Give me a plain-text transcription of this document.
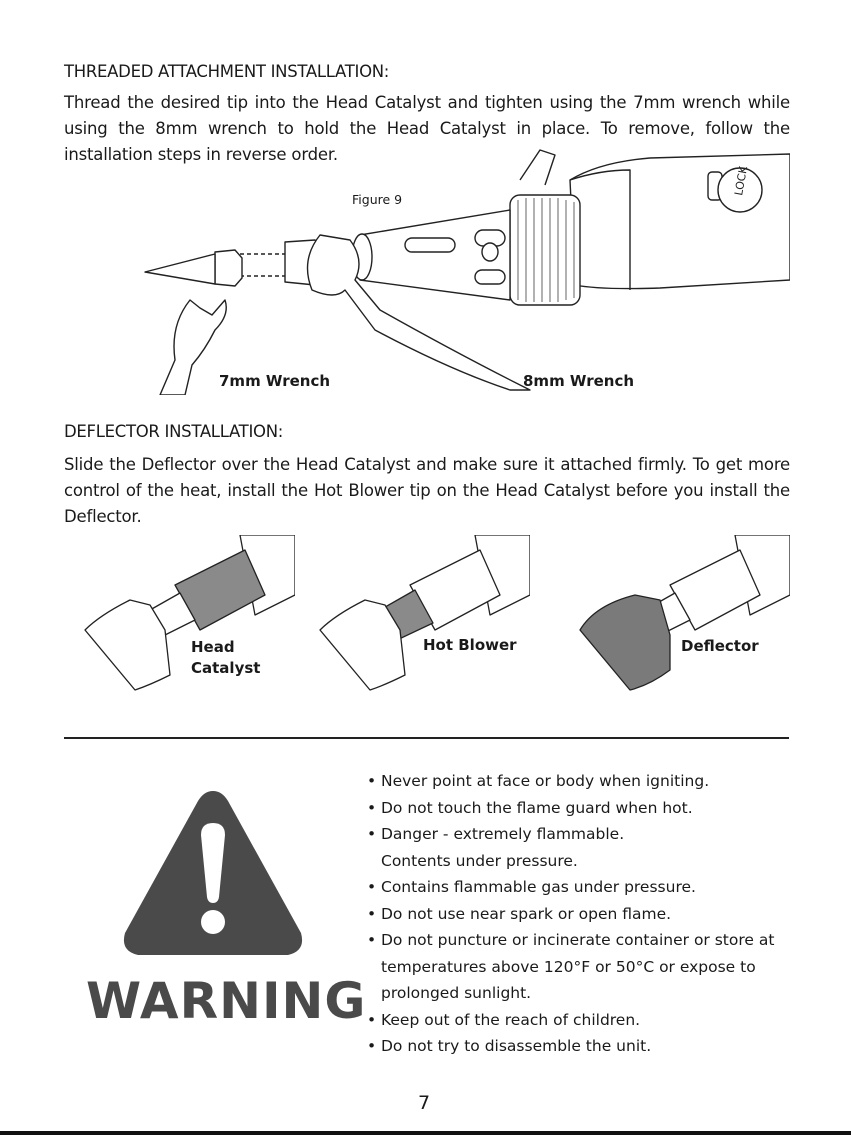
THREADED ATTACHMENT INSTALLATION:

Thread the desired tip into the Head Catalyst and tighten using the 7mm wrench while using the 8mm wrench to hold the Head Catalyst in place. To remove, follow the installation steps in reverse order.

LOCK
Figure 9
7mm Wrench	8mm Wrench
DEFLECTOR INSTALLATION:

Slide the Deflector over the Head Catalyst and make sure it attached firmly. To get more control of the heat, install the Hot Blower tip on the Head Catalyst before you install the Deflector.

Head
Catalyst
Hot Blower	Deflector
WARNING
• Never point at face or body when igniting.
• Do not touch the flame guard when hot.
• Danger - extremely flammable.
Contents under pressure.
• Contains flammable gas under pressure.
• Do not use near spark or open flame.
• Do not puncture or incinerate container or store at
temperatures above 120°F or 50°C or expose to
prolonged sunlight.
• Keep out of the reach of children.
• Do not try to disassemble the unit.
7
